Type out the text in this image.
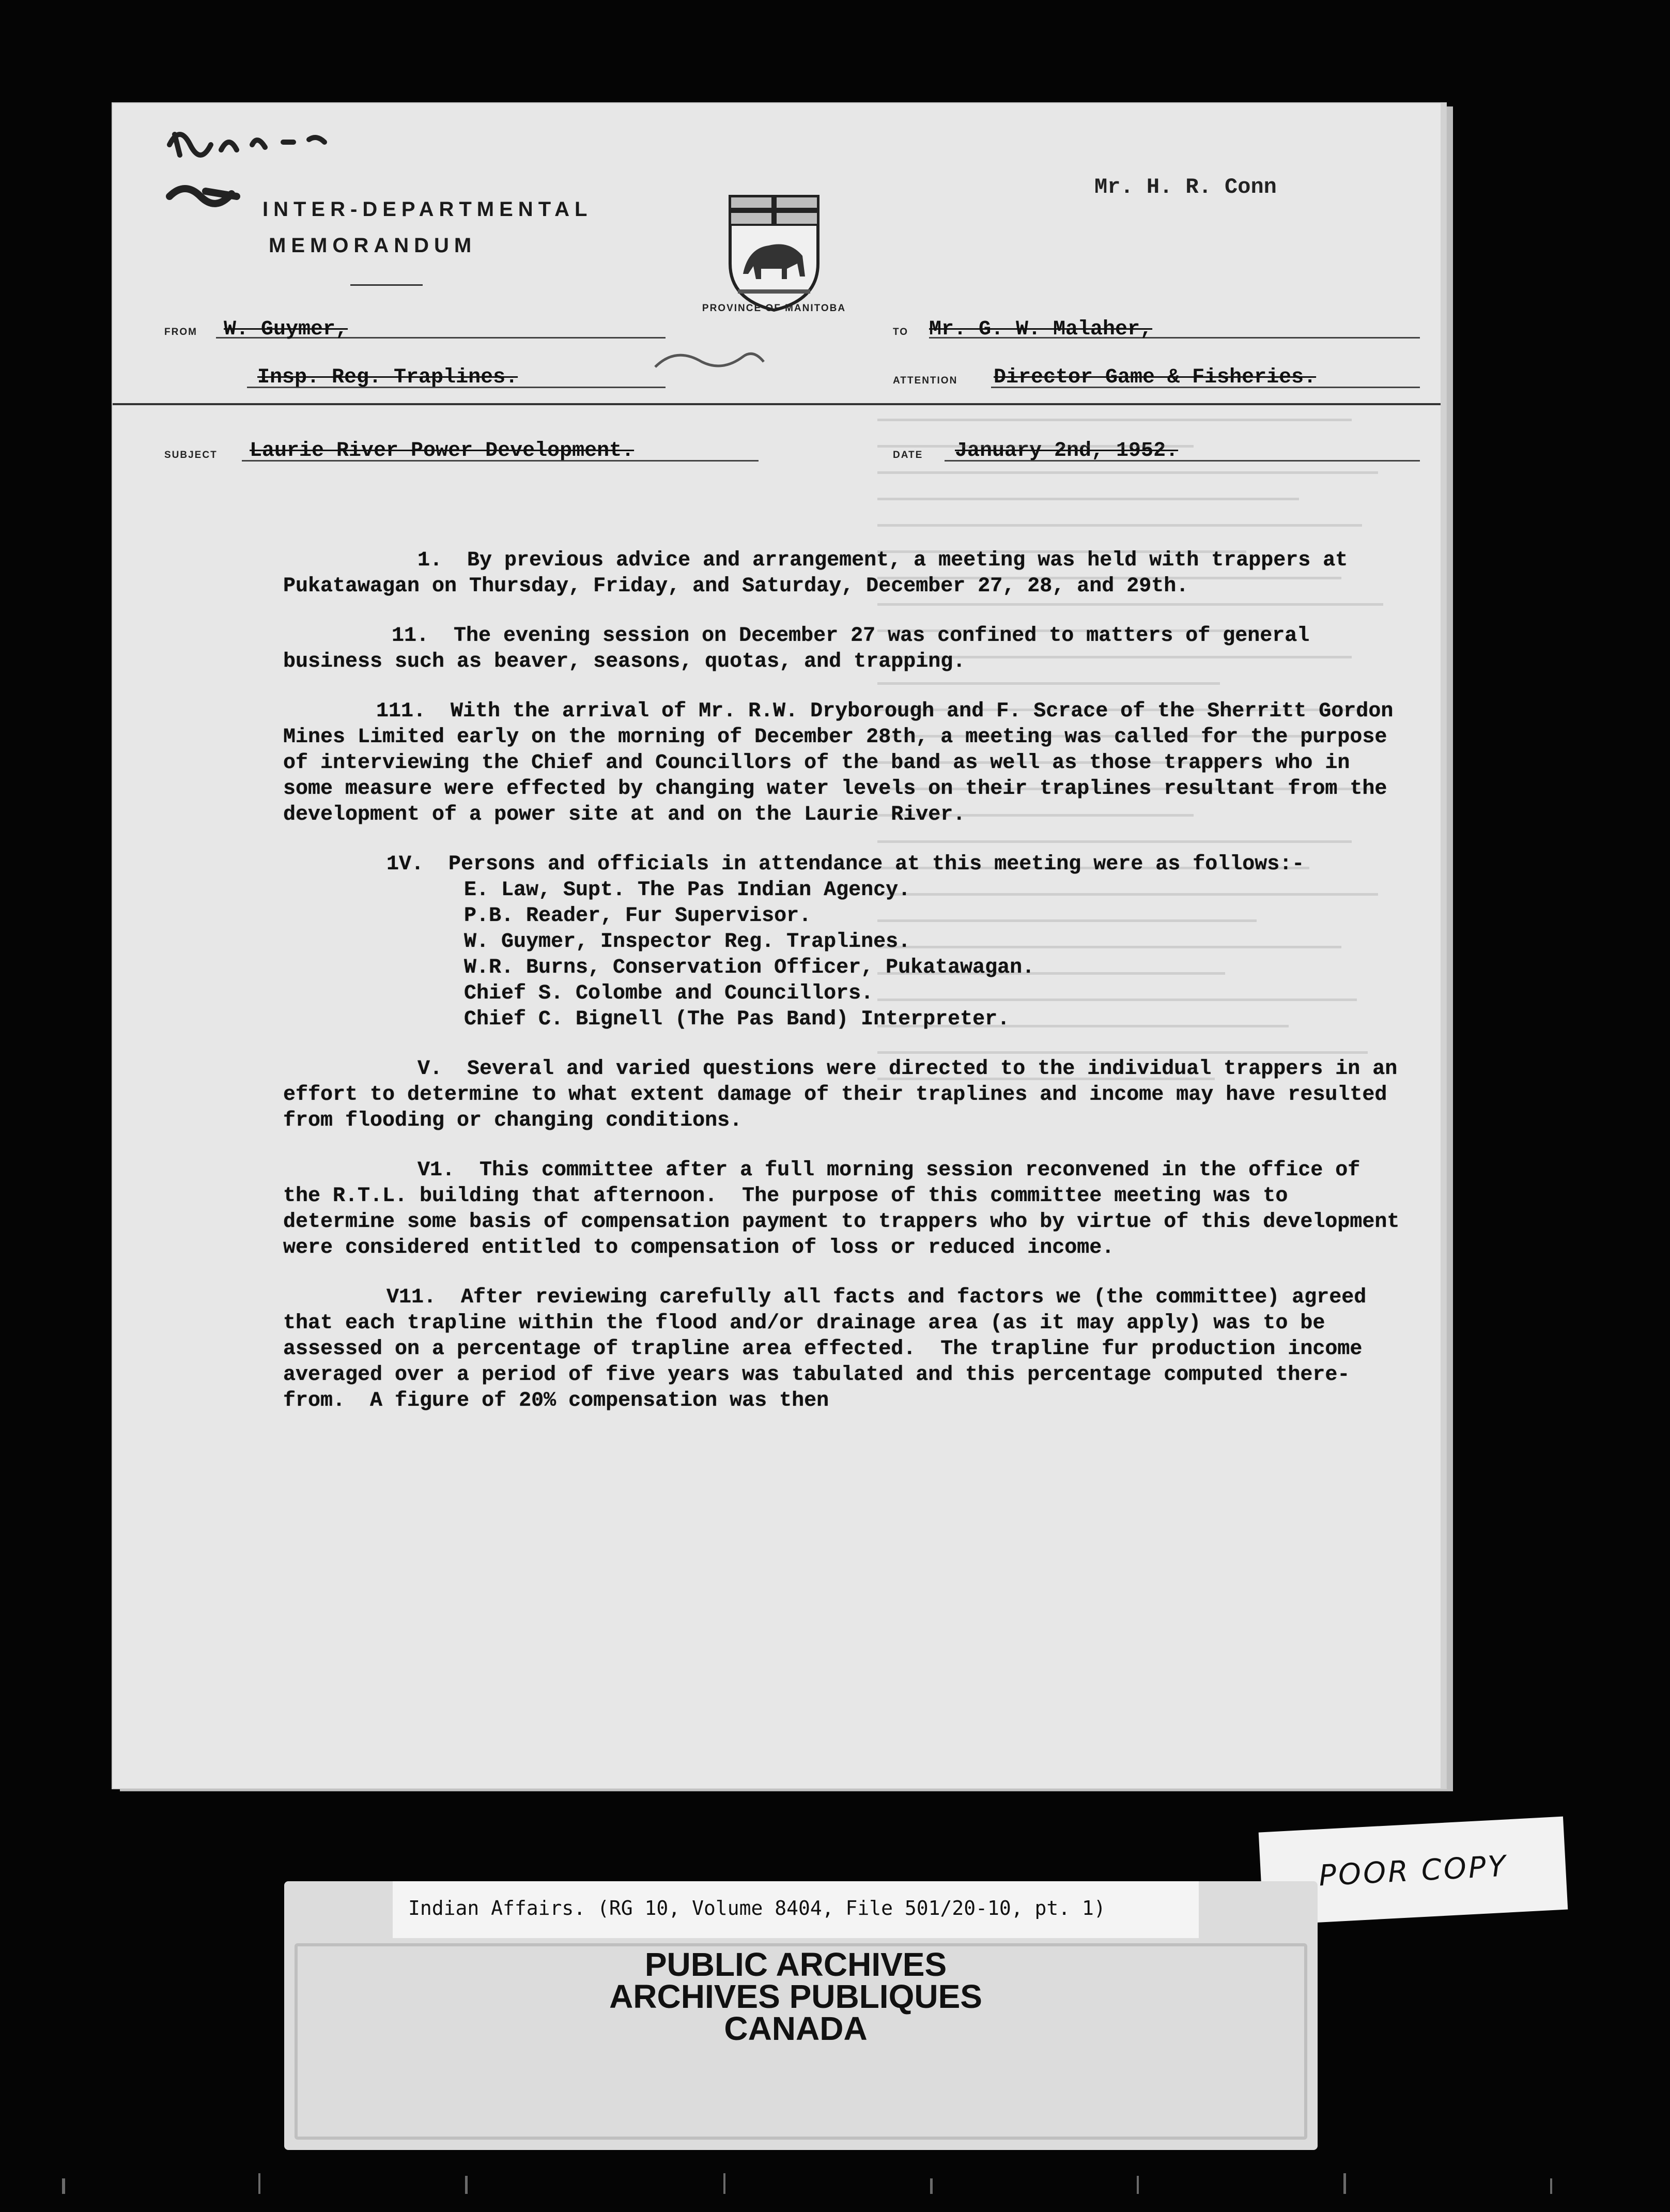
INTER-DEPARTMENTAL
MEMORANDUM
PROVINCE OF MANITOBA
Mr. H. R. Conn
FROM W. Guymer,
Insp. Reg. Traplines.
TO Mr. G. W. Malaher,
ATTENTION Director Game & Fisheries.
SUBJECT Laurie River Power Development.	DATE January 2nd, 1952.

1.  By previous advice and arrangement, a meeting was held with trappers at Pukatawagan on Thursday, Friday, and Saturday, December 27, 28, and 29th.

11.  The evening session on December 27 was confined to matters of general business such as beaver, seasons, quotas, and trapping.

111.  With the arrival of Mr. R.W. Dryborough and F. Scrace of the Sherritt Gordon Mines Limited early on the morning of December 28th, a meeting was called for the purpose of interviewing the Chief and Councillors of the band as well as those trappers who in some measure were effected by changing water levels on their traplines resultant from the development of a power site at and on the Laurie River.

1V.  Persons and officials in attendance at this meeting were as follows:-

E. Law, Supt. The Pas Indian Agency.
P.B. Reader, Fur Supervisor.
W. Guymer, Inspector Reg. Traplines.
W.R. Burns, Conservation Officer, Pukatawagan.
Chief S. Colombe and Councillors.
Chief C. Bignell (The Pas Band) Interpreter.

V.  Several and varied questions were directed to the individual trappers in an effort to determine to what extent damage of their traplines and income may have resulted from flooding or changing conditions.

V1.  This committee after a full morning session reconvened in the office of the R.T.L. building that afternoon.  The purpose of this committee meeting was to determine some basis of compensation payment to trappers who by virtue of this development were considered entitled to compensation of loss or reduced income.

V11.  After reviewing carefully all facts and factors we (the committee) agreed that each trapline within the flood and/or drainage area (as it may apply) was to be assessed on a percentage of trapline area effected.  The trapline fur production income averaged over a period of five years was tabulated and this percentage computed there-from.  A figure of 20% compensation was then

POOR COPY
Indian Affairs. (RG 10, Volume 8404, File 501/20-10, pt. 1)
PUBLIC ARCHIVES
ARCHIVES PUBLIQUES
CANADA
